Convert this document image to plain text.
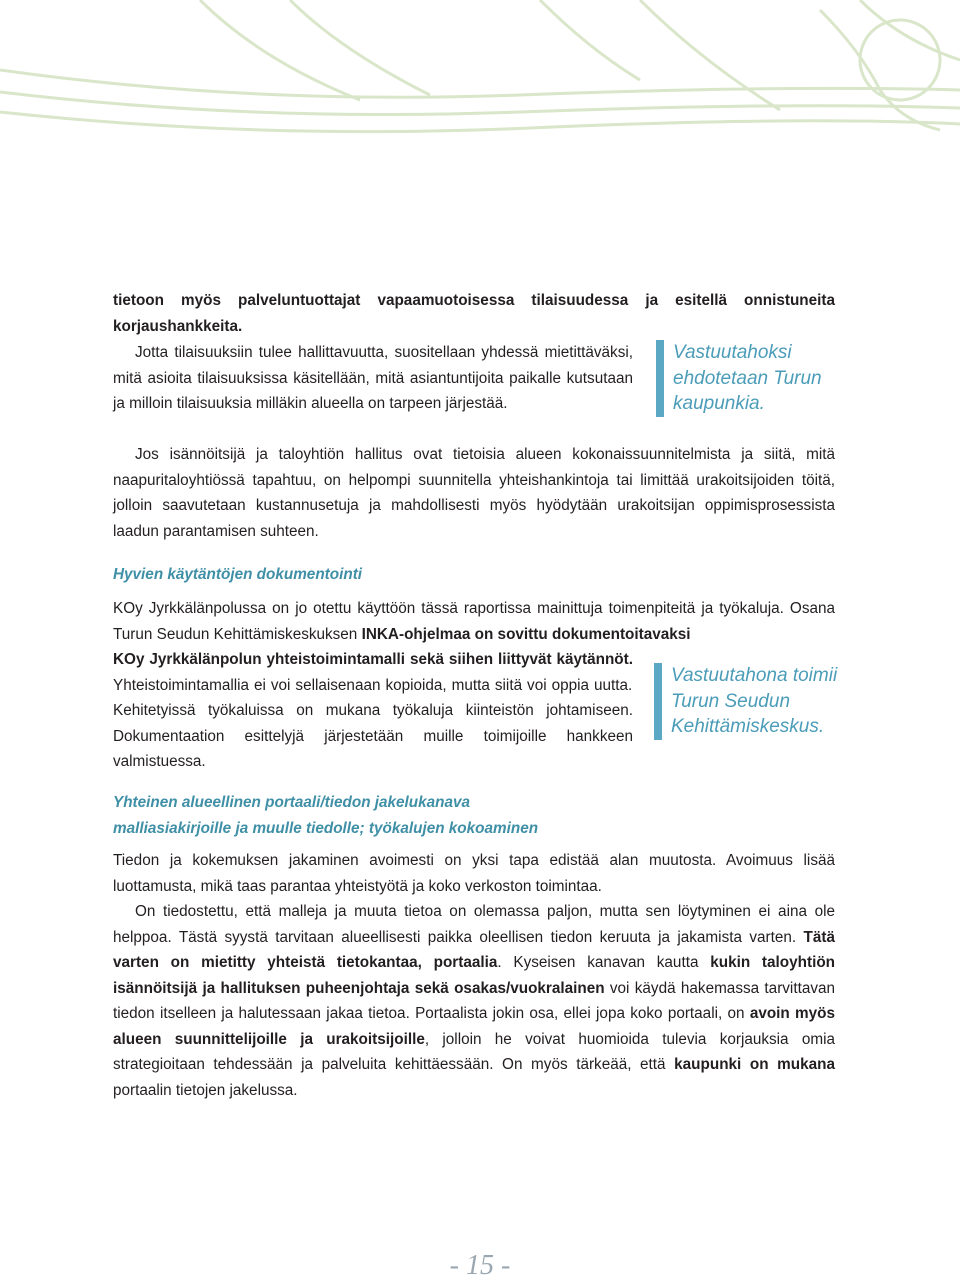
tietoon myös palveluntuottajat vapaamuotoisessa tilaisuudessa ja esitellä onnistuneita korjaushankkeita.

Jotta tilaisuuksiin tulee hallittavuutta, suositellaan yhdessä mietittäväksi, mitä asioita tilaisuuksissa käsitellään, mitä asiantuntijoita paikalle kutsutaan ja milloin tilaisuuksia milläkin alueella on tarpeen järjestää.

Vastuutahoksi
ehdotetaan Turun
kaupunkia.

Jos isännöitsijä ja taloyhtiön hallitus ovat tietoisia alueen kokonaissuunnitelmista ja siitä, mitä naapuritaloyhtiössä tapahtuu, on helpompi suunnitella yhteishankintoja tai limittää urakoitsijoiden töitä, jolloin saavutetaan kustannusetuja ja mahdollisesti myös hyödytään urakoitsijan oppimisprosessista laadun parantamisen suhteen.

Hyvien käytäntöjen dokumentointi
KOy Jyrkkälänpolussa on jo otettu käyttöön tässä raportissa mainittuja toimenpiteitä ja työkaluja. Osana Turun Seudun Kehittämiskeskuksen INKA-ohjelmaa on sovittu dokumentoitavaksi
KOy Jyrkkälänpolun yhteistoimintamalli sekä siihen liittyvät käytännöt. Yhteistoimintamallia ei voi sellaisenaan kopioida, mutta siitä voi oppia uutta. Kehitetyissä työkaluissa on mukana työkaluja kiinteistön johtamiseen. Dokumentaation esittelyjä järjestetään muille toimijoille hankkeen valmistuessa.
Vastuutahona toimii
Turun Seudun
Kehittämiskeskus.
Yhteinen alueellinen portaali/tiedon jakelukanava
malliasiakirjoille ja muulle tiedolle; työkalujen kokoaminen

Tiedon ja kokemuksen jakaminen avoimesti on yksi tapa edistää alan muutosta. Avoimuus lisää luottamusta, mikä taas parantaa yhteistyötä ja koko verkoston toimintaa.

On tiedostettu, että malleja ja muuta tietoa on olemassa paljon, mutta sen löytyminen ei aina ole helppoa. Tästä syystä tarvitaan alueellisesti paikka oleellisen tiedon keruuta ja jakamista varten. Tätä varten on mietitty yhteistä tietokantaa, portaalia. Kyseisen kanavan kautta kukin taloyhtiön isännöitsijä ja hallituksen puheenjohtaja sekä osakas/vuokralainen voi käydä hakemassa tarvittavan tiedon itselleen ja halutessaan jakaa tietoa. Portaalista jokin osa, ellei jopa koko portaali, on avoin myös alueen suunnittelijoille ja urakoitsijoille, jolloin he voivat huomioida tulevia korjauksia omia strategioitaan tehdessään ja palveluita kehittäessään. On myös tärkeää, että kaupunki on mukana portaalin tietojen jakelussa.
- 15 -
